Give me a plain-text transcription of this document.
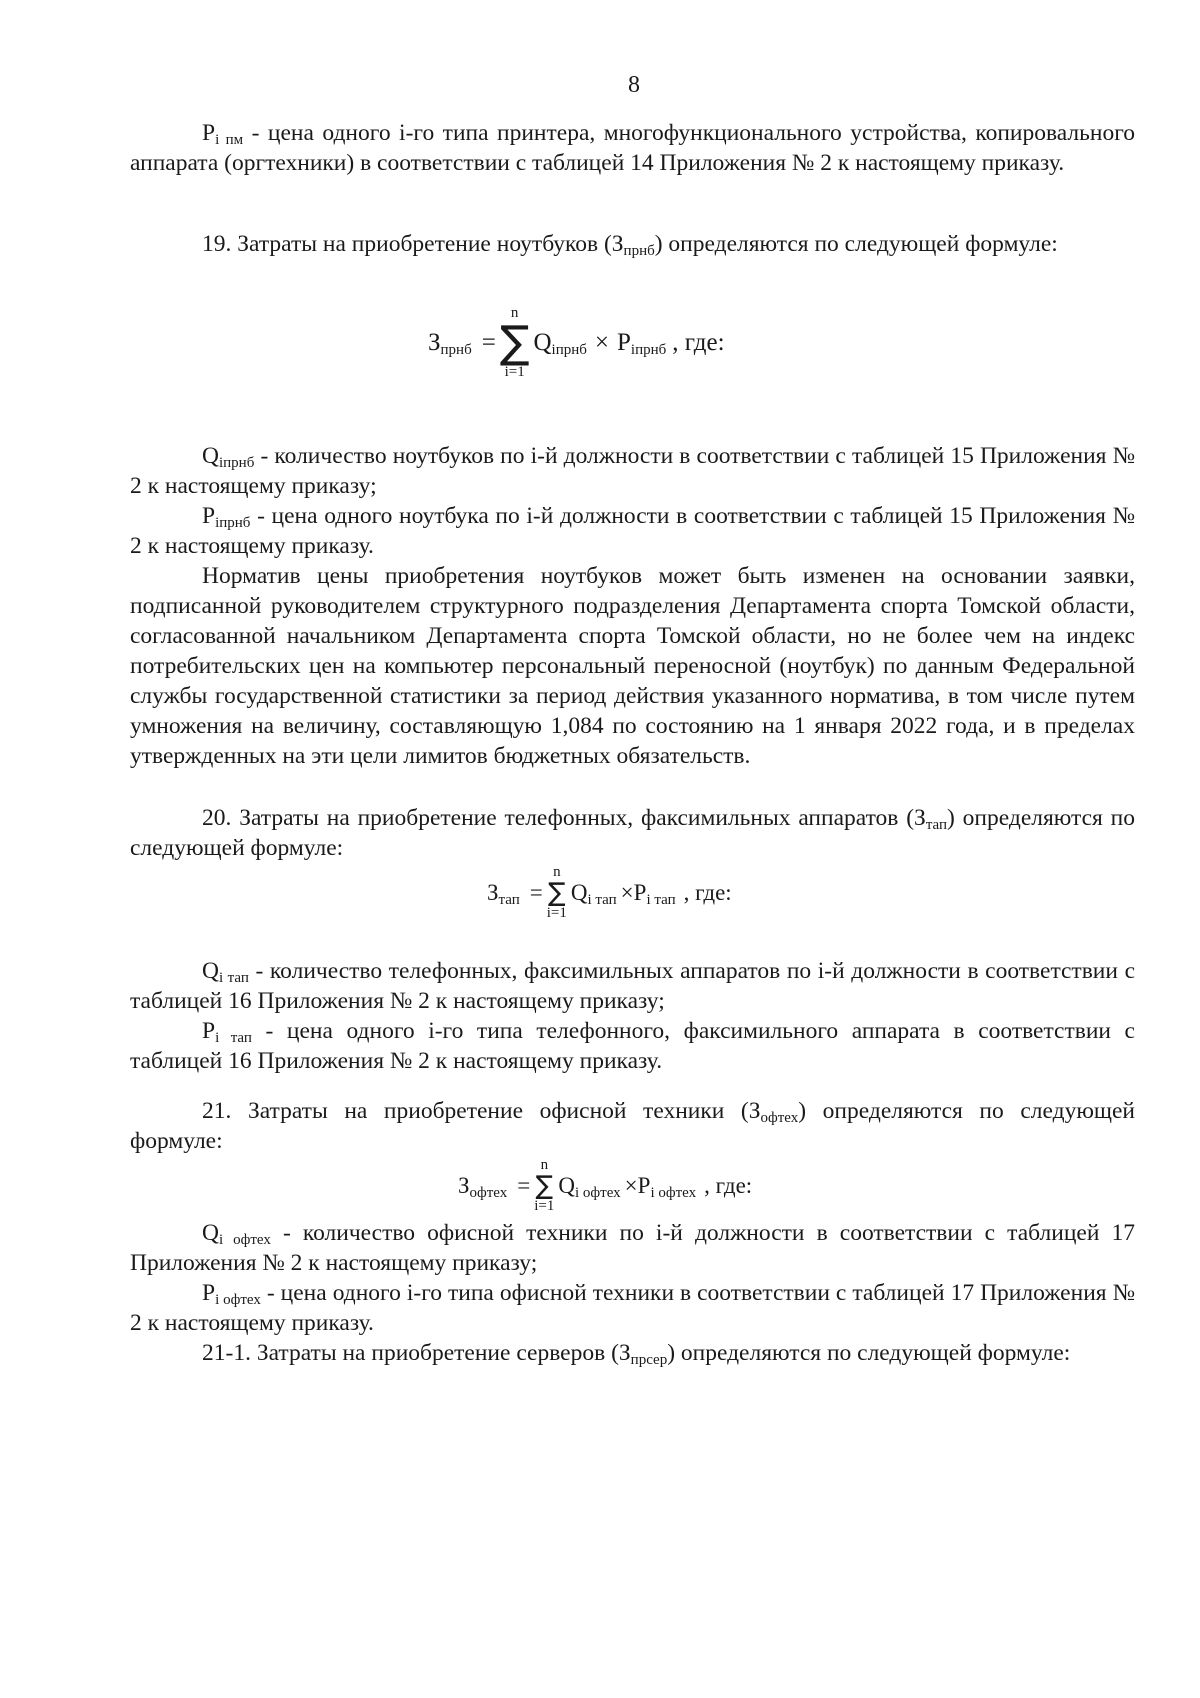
8

$P_{i пм}$ - цена одного i-го типа принтера, многофункционального устройства, копировального аппарата (оргтехники) в соответствии с таблицей 14 Приложения № 2 к настоящему приказу.

19. Затраты на приобретение ноутбуков $(З_{прнб})$ определяются по следующей формуле:

$З_{прнб}$ =
n
∑
i=1
$Q_{iпрнб} \times P_{iпрнб}$ , где:

$Q_{iпрнб}$ - количество ноутбуков по i-й должности в соответствии с таблицей 15 Приложения № 2 к настоящему приказу;

$P_{iпрнб}$ - цена одного ноутбука по i-й должности в соответствии с таблицей 15 Приложения № 2 к настоящему приказу.

Норматив цены приобретения ноутбуков может быть изменен на основании заявки, подписанной руководителем структурного подразделения Департамента спорта Томской области, согласованной начальником Департамента спорта Томской области, но не более чем на индекс потребительских цен на компьютер персональный переносной (ноутбук) по данным Федеральной службы государственной статистики за период действия указанного норматива, в том числе путем умножения на величину, составляющую 1,084 по состоянию на 1 января 2022 года, и в пределах утвержденных на эти цели лимитов бюджетных обязательств.

20. Затраты на приобретение телефонных, факсимильных аппаратов $(З_{тап})$ определяются по следующей формуле:

$З_{тап}$ =
n
∑
i=1
$Q_{i тап} \times P_{i тап}$ , где:

$Q_{i тап}$ - количество телефонных, факсимильных аппаратов по i-й должности в соответствии с таблицей 16 Приложения № 2 к настоящему приказу;

$P_{i тап}$ - цена одного i-го типа телефонного, факсимильного аппарата в соответствии с таблицей 16 Приложения № 2 к настоящему приказу.

21. Затраты на приобретение офисной техники $(З_{офтех})$ определяются по следующей формуле:

$З_{офтех}$ =
n
∑
i=1
$Q_{i офтех} \times P_{i офтех}$ , где:

$Q_{i офтех}$ - количество офисной техники по i-й должности в соответствии с таблицей 17 Приложения № 2 к настоящему приказу;

$P_{i офтех}$ - цена одного i-го типа офисной техники в соответствии с таблицей 17 Приложения № 2 к настоящему приказу.

21-1. Затраты на приобретение серверов $(З_{прсер})$ определяются по следующей формуле:
